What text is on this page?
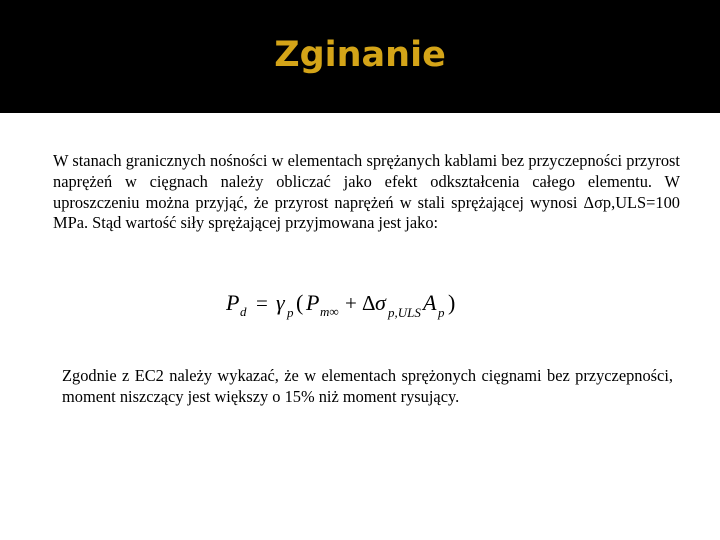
Zginanie
W stanach granicznych nośności w elementach sprężanych kablami bez przyczepności przyrost naprężeń w cięgnach należy obliczać jako efekt odkształcenia całego elementu. W uproszczeniu można przyjąć, że przyrost naprężeń w stali sprężającej wynosi Δσp,ULS=100 MPa. Stąd wartość siły sprężającej przyjmowana jest jako:
P d = γ p ( P m∞ + Δ σ p,ULS A p )
Zgodnie z EC2 należy wykazać, że w elementach sprężonych cięgnami bez przyczepności, moment niszczący jest większy o 15% niż moment rysujący.
